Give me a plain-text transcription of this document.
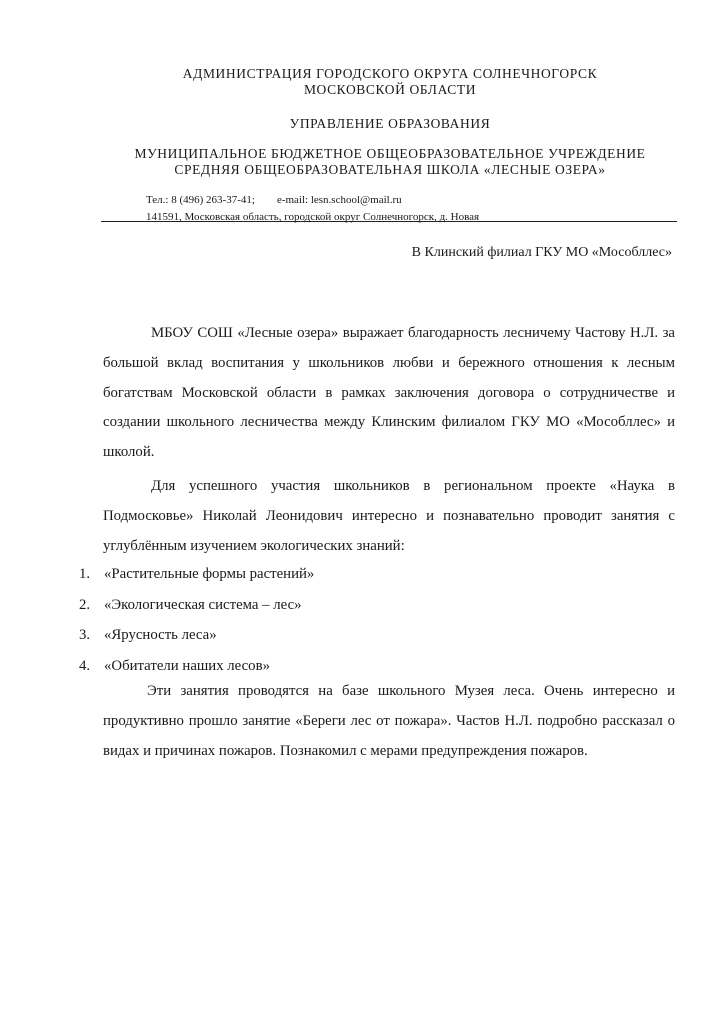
АДМИНИСТРАЦИЯ ГОРОДСКОГО ОКРУГА СОЛНЕЧНОГОРСК
МОСКОВСКОЙ ОБЛАСТИ
УПРАВЛЕНИЕ ОБРАЗОВАНИЯ
МУНИЦИПАЛЬНОЕ БЮДЖЕТНОЕ ОБЩЕОБРАЗОВАТЕЛЬНОЕ УЧРЕЖДЕНИЕ
СРЕДНЯЯ ОБЩЕОБРАЗОВАТЕЛЬНАЯ ШКОЛА «ЛЕСНЫЕ ОЗЕРА»
Тел.: 8 (496) 263-37-41; e-mail: lesn.school@mail.ru
141591, Московская область, городской округ Солнечногорск, д. Новая
В Клинский филиал ГКУ МО «Мособллес»
МБОУ СОШ «Лесные озера» выражает благодарность лесничему Частову Н.Л. за большой вклад воспитания у школьников любви и бережного отношения к лесным богатствам Московской области в рамках заключения договора о сотрудничестве и создании школьного лесничества между Клинским филиалом ГКУ МО «Мособллес» и школой.
Для успешного участия школьников в региональном проекте «Наука в Подмосковье» Николай Леонидович интересно и познавательно проводит занятия с углублённым изучением экологических знаний:
1. «Растительные формы растений»
2. «Экологическая система – лес»
3. «Ярусность леса»
4. «Обитатели наших лесов»
Эти занятия проводятся на базе школьного Музея леса. Очень интересно и продуктивно прошло занятие «Береги лес от пожара». Частов Н.Л. подробно рассказал о видах и причинах пожаров. Познакомил с мерами предупреждения пожаров.
